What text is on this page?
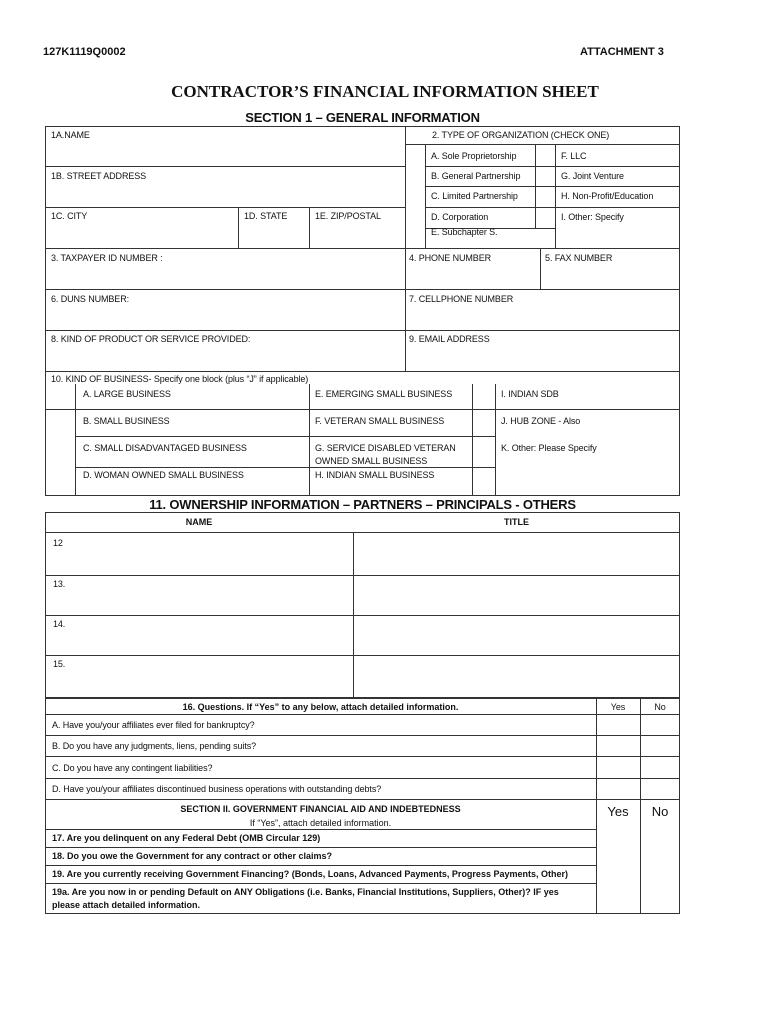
127K1119Q0002	ATTACHMENT 3
CONTRACTOR’S FINANCIAL INFORMATION SHEET
SECTION 1 – GENERAL INFORMATION
1A.NAME	2. TYPE OF ORGANIZATION (CHECK ONE)
A. Sole Proprietorship	F. LLC
B. General Partnership	G. Joint Venture
C. Limited Partnership	H. Non-Profit/Education
D. Corporation	I. Other: Specify
E. Subchapter S.
1B. STREET ADDRESS
1C. CITY	1D. STATE	1E. ZIP/POSTAL
3. TAXPAYER ID NUMBER :	4. PHONE NUMBER	5. FAX NUMBER
6. DUNS NUMBER:	7. CELLPHONE NUMBER
8. KIND OF PRODUCT OR SERVICE PROVIDED:	9. EMAIL ADDRESS
10. KIND OF BUSINESS- Specify one block (plus “J” if applicable)
A. LARGE BUSINESS	E. EMERGING SMALL BUSINESS	I. INDIAN SDB
B. SMALL BUSINESS	F. VETERAN SMALL BUSINESS	J. HUB ZONE - Also
C. SMALL DISADVANTAGED BUSINESS	G. SERVICE DISABLED VETERAN
OWNED SMALL BUSINESS
K. Other: Please Specify
D. WOMAN OWNED SMALL BUSINESS	H. INDIAN SMALL BUSINESS
11. OWNERSHIP INFORMATION – PARTNERS – PRINCIPALS - OTHERS
NAME	TITLE
12
13.
14.
15.
16. Questions. If “Yes” to any below, attach detailed information.	Yes	No
A. Have you/your affiliates ever filed for bankruptcy?
B. Do you have any judgments, liens, pending suits?
C. Do you have any contingent liabilities?
D. Have you/your affiliates discontinued business operations with outstanding debts?
SECTION II. GOVERNMENT FINANCIAL AID AND INDEBTEDNESS
If “Yes”, attach detailed information.
Yes	No
17. Are you delinquent on any Federal Debt (OMB Circular 129)
18. Do you owe the Government for any contract or other claims?
19. Are you currently receiving Government Financing? (Bonds, Loans, Advanced Payments, Progress Payments, Other)
19a. Are you now in or pending Default on ANY Obligations (i.e. Banks, Financial Institutions, Suppliers, Other)? IF yes
please attach detailed information.
